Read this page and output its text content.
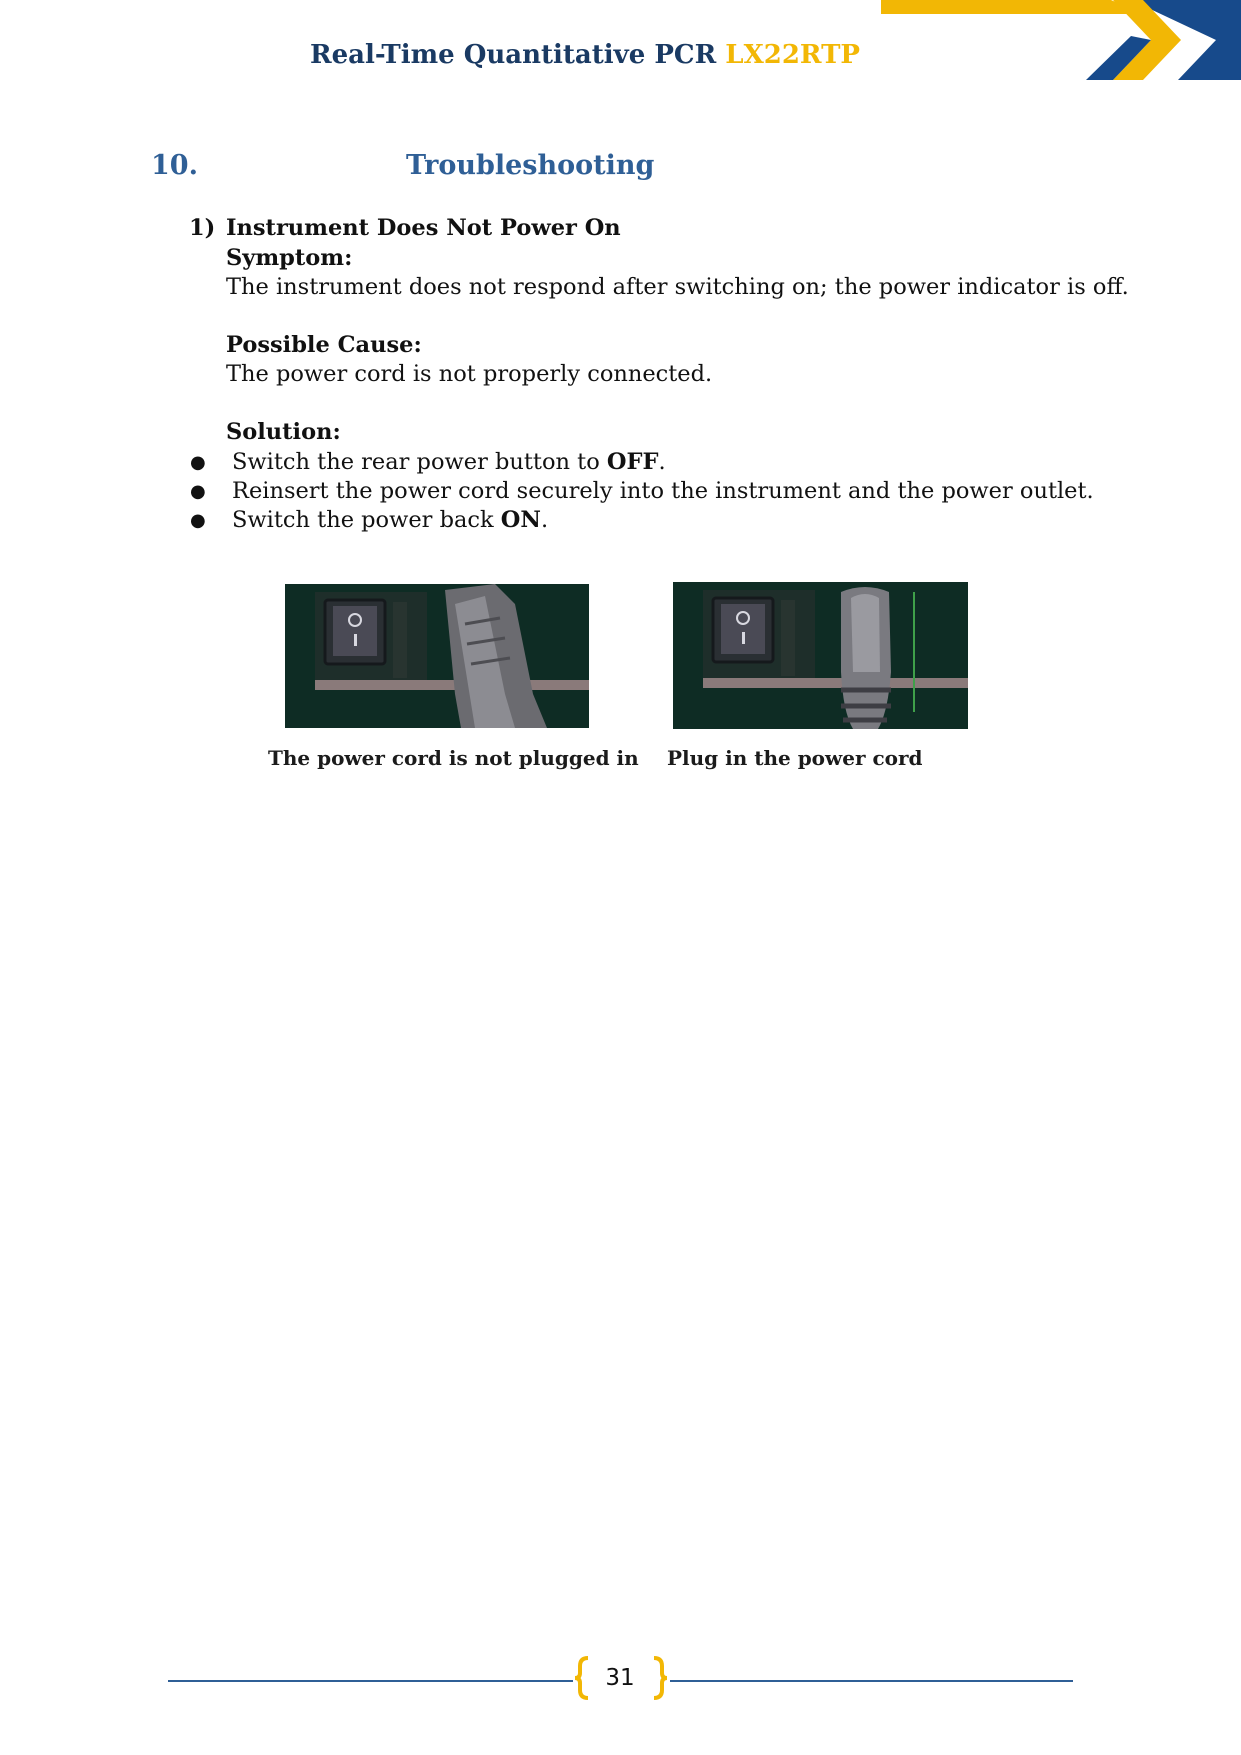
Real-Time Quantitative PCR LX22RTP
10.	Troubleshooting
1) Instrument Does Not Power On
Symptom:
The instrument does not respond after switching on; the power indicator is off.
Possible Cause:
The power cord is not properly connected.
Solution:
● Switch the rear power button to OFF.
● Reinsert the power cord securely into the instrument and the power outlet.
● Switch the power back ON.
The power cord is not plugged in Plug in the power cord
31
